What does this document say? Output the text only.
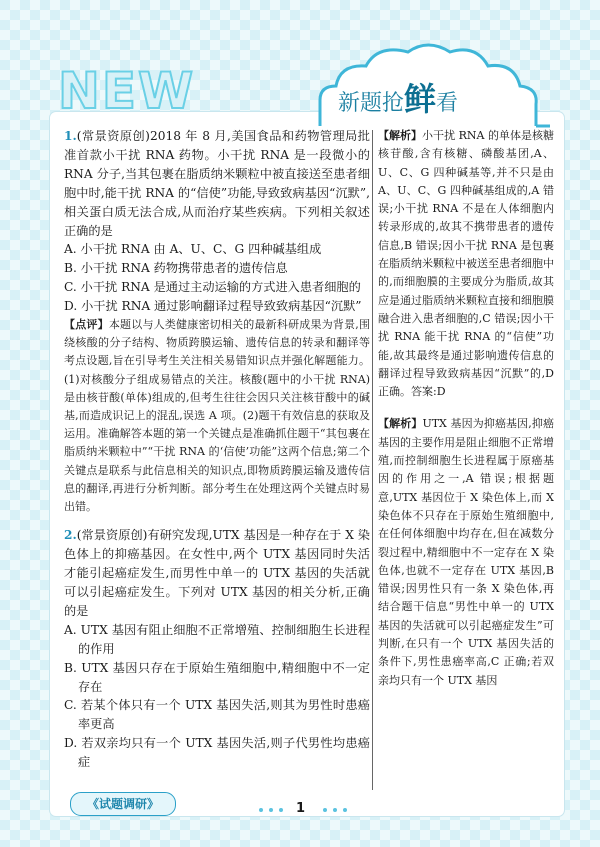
NEW	新题抢鲜看

1.(常景资原创)2018 年 8 月,美国食品和药物管理局批准首款小干扰 RNA 药物。小干扰 RNA 是一段微小的 RNA 分子,当其包裹在脂质纳米颗粒中被直接送至患者细胞中时,能干扰 RNA 的“信使”功能,导致致病基因“沉默”,相关蛋白质无法合成,从而治疗某些疾病。下列相关叙述正确的是

A. 小干扰 RNA 由 A、U、C、G 四种碱基组成

B. 小干扰 RNA 药物携带患者的遗传信息

C. 小干扰 RNA 是通过主动运输的方式进入患者细胞的

D. 小干扰 RNA 通过影响翻译过程导致致病基因“沉默”

【点评】本题以与人类健康密切相关的最新科研成果为背景,围绕核酸的分子结构、物质跨膜运输、遗传信息的转录和翻译等考点设题,旨在引导考生关注相关易错知识点并强化解题能力。(1)对核酸分子组成易错点的关注。核酸(题中的小干扰 RNA)是由核苷酸(单体)组成的,但考生往往会因只关注核苷酸中的碱基,而造成识记上的混乱,误选 A 项。(2)题干有效信息的获取及运用。准确解答本题的第一个关键点是准确抓住题干“其包裹在脂质纳米颗粒中”“干扰 RNA 的‘信使’功能”这两个信息;第二个关键点是联系与此信息相关的知识点,即物质跨膜运输及遗传信息的翻译,再进行分析判断。部分考生在处理这两个关键点时易出错。

2.(常景资原创)有研究发现,UTX 基因是一种存在于 X 染色体上的抑癌基因。在女性中,两个 UTX 基因同时失活才能引起癌症发生,而男性中单一的 UTX 基因的失活就可以引起癌症发生。下列对 UTX 基因的相关分析,正确的是

A. UTX 基因有阻止细胞不正常增殖、控制细胞生长进程的作用

B. UTX 基因只存在于原始生殖细胞中,精细胞中不一定存在

C. 若某个体只有一个 UTX 基因失活,则其为男性时患癌率更高

D. 若双亲均只有一个 UTX 基因失活,则子代男性均患癌症

【解析】小干扰 RNA 的单体是核糖核苷酸,含有核糖、磷酸基团,A、U、C、G 四种碱基等,并不只是由 A、U、C、G 四种碱基组成的,A 错误;小干扰 RNA 不是在人体细胞内转录形成的,故其不携带患者的遗传信息,B 错误;因小干扰 RNA 是包裹在脂质纳米颗粒中被送至患者细胞中的,而细胞膜的主要成分为脂质,故其应是通过脂质纳米颗粒直接和细胞膜融合进入患者细胞的,C 错误;因小干扰 RNA 能干扰 RNA 的“信使”功能,故其最终是通过影响遗传信息的翻译过程导致致病基因“沉默”的,D 正确。答案:D

【解析】UTX 基因为抑癌基因,抑癌基因的主要作用是阻止细胞不正常增殖,而控制细胞生长进程属于原癌基因的作用之一,A 错误;根据题意,UTX 基因位于 X 染色体上,而 X 染色体不只存在于原始生殖细胞中,在任何体细胞中均存在,但在减数分裂过程中,精细胞中不一定存在 X 染色体,也就不一定存在 UTX 基因,B 错误;因男性只有一条 X 染色体,再结合题干信息“男性中单一的 UTX 基因的失活就可以引起癌症发生”可判断,在只有一个 UTX 基因失活的条件下,男性患癌率高,C 正确;若双亲均只有一个 UTX 基因

《试题调研》	1
